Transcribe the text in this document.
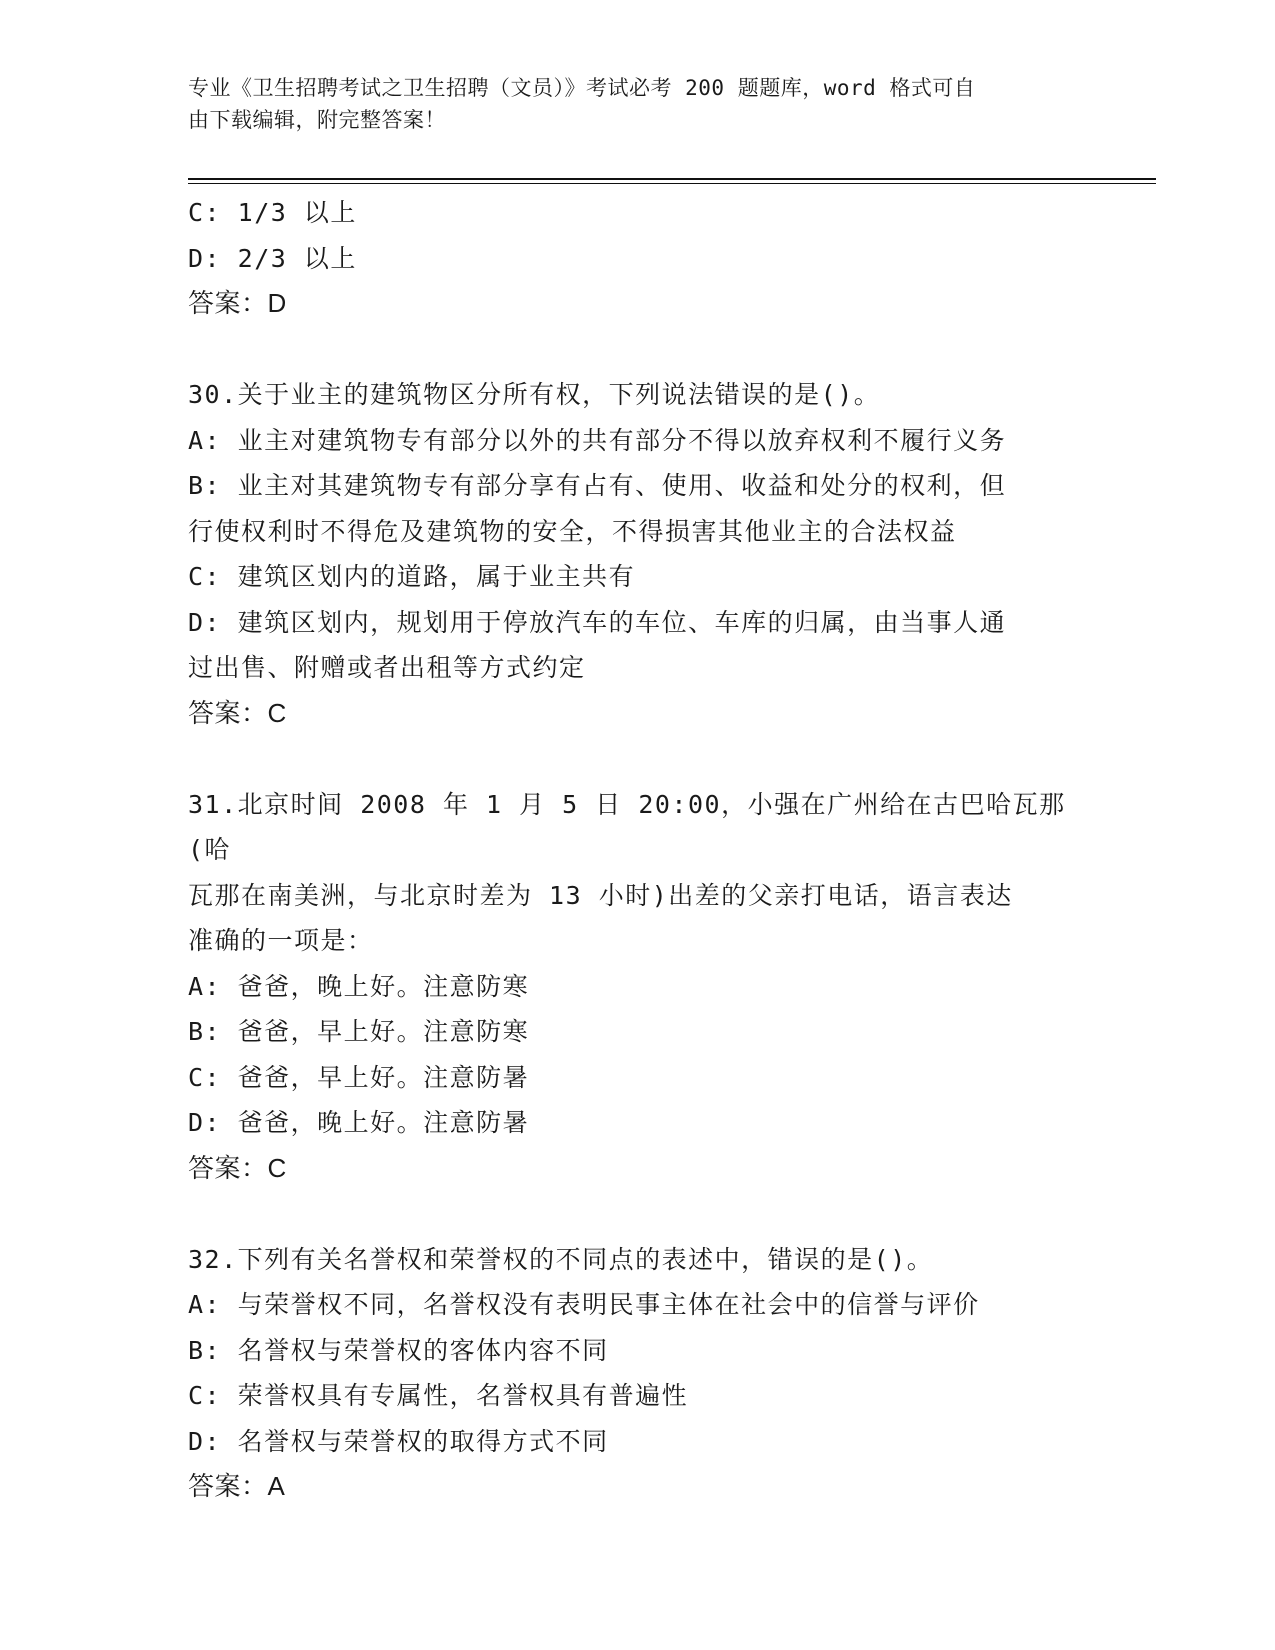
专业《卫生招聘考试之卫生招聘（文员）》考试必考 200 题题库，word 格式可自
由下载编辑，附完整答案！
C: 1/3 以上
D: 2/3 以上
答案：D
30.关于业主的建筑物区分所有权，下列说法错误的是()。
A: 业主对建筑物专有部分以外的共有部分不得以放弃权利不履行义务
B: 业主对其建筑物专有部分享有占有、使用、收益和处分的权利，但
行使权利时不得危及建筑物的安全，不得损害其他业主的合法权益
C: 建筑区划内的道路，属于业主共有
D: 建筑区划内，规划用于停放汽车的车位、车库的归属，由当事人通
过出售、附赠或者出租等方式约定
答案：C
31.北京时间 2008 年 1 月 5 日 20:00，小强在广州给在古巴哈瓦那(哈
瓦那在南美洲，与北京时差为 13 小时)出差的父亲打电话，语言表达
准确的一项是：
A: 爸爸，晚上好。注意防寒
B: 爸爸，早上好。注意防寒
C: 爸爸，早上好。注意防暑
D: 爸爸，晚上好。注意防暑
答案：C
32.下列有关名誉权和荣誉权的不同点的表述中，错误的是()。
A: 与荣誉权不同，名誉权没有表明民事主体在社会中的信誉与评价
B: 名誉权与荣誉权的客体内容不同
C: 荣誉权具有专属性，名誉权具有普遍性
D: 名誉权与荣誉权的取得方式不同
答案：A
